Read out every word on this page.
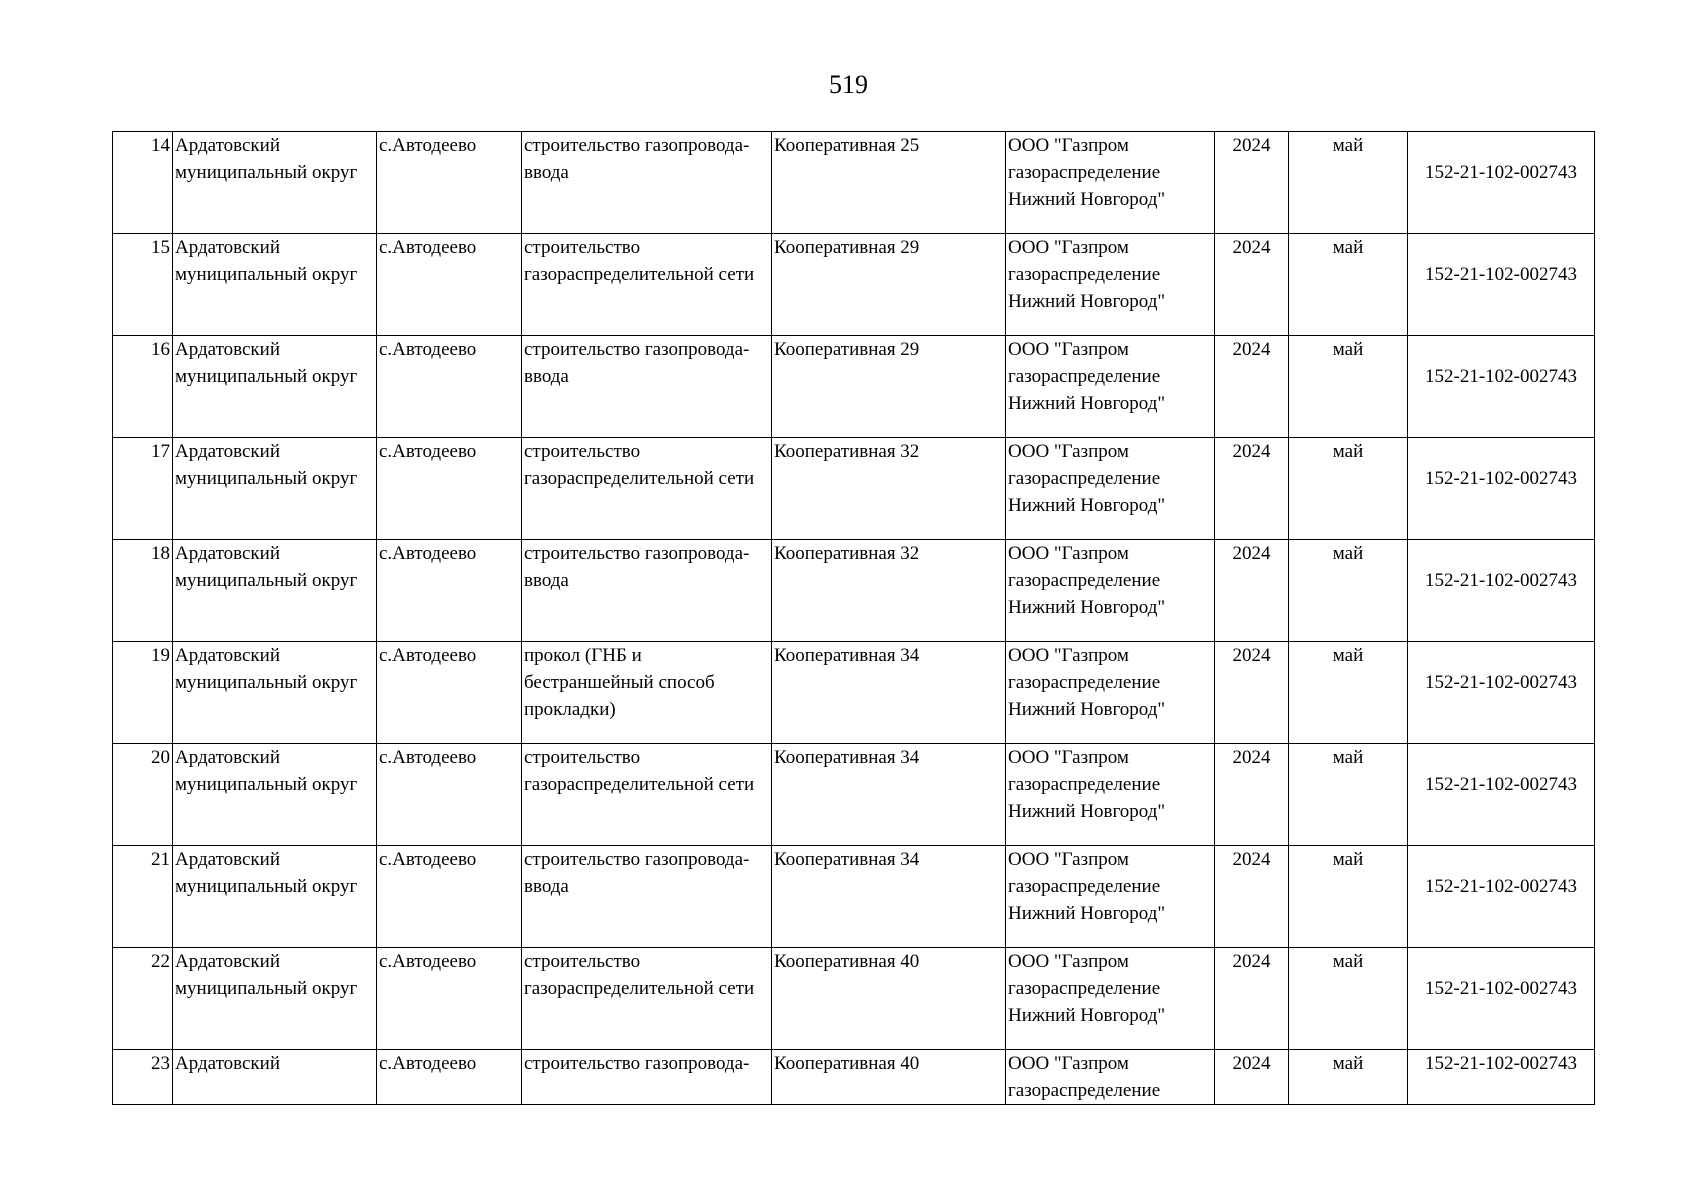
519
14	Ардатовский муниципальный округ	с.Автодеево	строительство газопровода-ввода	Кооперативная 25	ООО "Газпром газораспределение Нижний Новгород"	2024	май	152-21-102-002743
15	Ардатовский муниципальный округ	с.Автодеево	строительство газораспределительной сети	Кооперативная 29	ООО "Газпром газораспределение Нижний Новгород"	2024	май	152-21-102-002743
16	Ардатовский муниципальный округ	с.Автодеево	строительство газопровода-ввода	Кооперативная 29	ООО "Газпром газораспределение Нижний Новгород"	2024	май	152-21-102-002743
17	Ардатовский муниципальный округ	с.Автодеево	строительство газораспределительной сети	Кооперативная 32	ООО "Газпром газораспределение Нижний Новгород"	2024	май	152-21-102-002743
18	Ардатовский муниципальный округ	с.Автодеево	строительство газопровода-ввода	Кооперативная 32	ООО "Газпром газораспределение Нижний Новгород"	2024	май	152-21-102-002743
19	Ардатовский муниципальный округ	с.Автодеево	прокол (ГНБ и бестраншейный способ прокладки)	Кооперативная 34	ООО "Газпром газораспределение Нижний Новгород"	2024	май	152-21-102-002743
20	Ардатовский муниципальный округ	с.Автодеево	строительство газораспределительной сети	Кооперативная 34	ООО "Газпром газораспределение Нижний Новгород"	2024	май	152-21-102-002743
21	Ардатовский муниципальный округ	с.Автодеево	строительство газопровода-ввода	Кооперативная 34	ООО "Газпром газораспределение Нижний Новгород"	2024	май	152-21-102-002743
22	Ардатовский муниципальный округ	с.Автодеево	строительство газораспределительной сети	Кооперативная 40	ООО "Газпром газораспределение Нижний Новгород"	2024	май	152-21-102-002743
23	Ардатовский	с.Автодеево	строительство газопровода-	Кооперативная 40	ООО "Газпром газораспределение	2024	май	152-21-102-002743
